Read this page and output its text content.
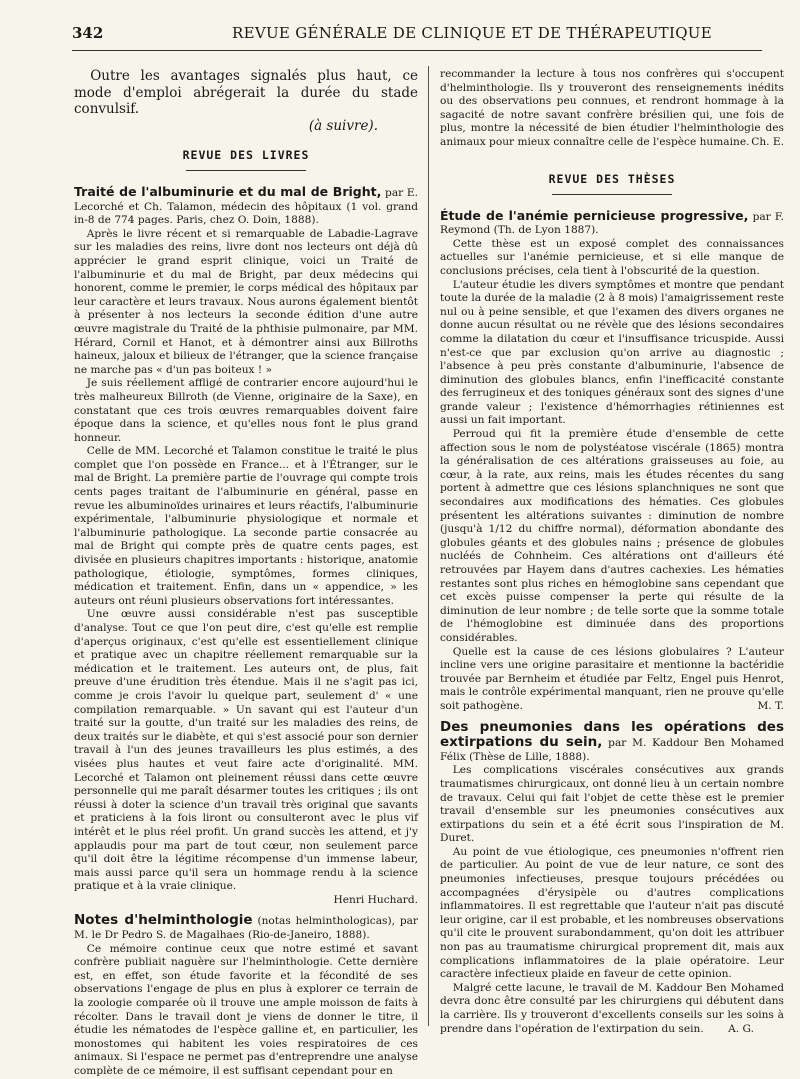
342	REVUE GÉNÉRALE DE CLINIQUE ET DE THÉRAPEUTIQUE

Outre les avantages signalés plus haut, ce mode d'emploi abrégerait la durée du stade convulsif.

(à suivre).

REVUE DES LIVRES

Traité de l'albuminurie et du mal de Bright, par E. Lecorché et Ch. Talamon, médecin des hôpitaux (1 vol. grand in-8 de 774 pages. Paris, chez O. Doin, 1888).

Après le livre récent et si remarquable de Labadie-Lagrave sur les maladies des reins, livre dont nos lecteurs ont déjà dû apprécier le grand esprit clinique, voici un Traité de l'albuminurie et du mal de Bright, par deux médecins qui honorent, comme le premier, le corps médical des hôpitaux par leur caractère et leurs travaux. Nous aurons également bientôt à présenter à nos lecteurs la seconde édition d'une autre œuvre magistrale du Traité de la phthisie pulmonaire, par MM. Hérard, Cornil et Hanot, et à démontrer ainsi aux Billroths haineux, jaloux et bilieux de l'étranger, que la science française ne marche pas « d'un pas boiteux ! »

Je suis réellement affligé de contrarier encore aujourd'hui le très malheureux Billroth (de Vienne, originaire de la Saxe), en constatant que ces trois œuvres remarquables doivent faire époque dans la science, et qu'elles nous font le plus grand honneur.

Celle de MM. Lecorché et Talamon constitue le traité le plus complet que l'on possède en France... et à l'Étranger, sur le mal de Bright. La première partie de l'ouvrage qui compte trois cents pages traitant de l'albuminurie en général, passe en revue les albuminoïdes urinaires et leurs réactifs, l'albuminurie expérimentale, l'albuminurie physiologique et normale et l'albuminurie pathologique. La seconde partie consacrée au mal de Bright qui compte près de quatre cents pages, est divisée en plusieurs chapitres importants : historique, anatomie pathologique, étiologie, symptômes, formes cliniques, médication et traitement. Enfin, dans un « appendice, » les auteurs ont réuni plusieurs observations fort intéressantes.

Une œuvre aussi considérable n'est pas susceptible d'analyse. Tout ce que l'on peut dire, c'est qu'elle est remplie d'aperçus originaux, c'est qu'elle est essentiellement clinique et pratique avec un chapitre réellement remarquable sur la médication et le traitement. Les auteurs ont, de plus, fait preuve d'une érudition très étendue. Mais il ne s'agit pas ici, comme je crois l'avoir lu quelque part, seulement d' « une compilation remarquable. » Un savant qui est l'auteur d'un traité sur la goutte, d'un traité sur les maladies des reins, de deux traités sur le diabète, et qui s'est associé pour son dernier travail à l'un des jeunes travailleurs les plus estimés, a des visées plus hautes et veut faire acte d'originalité. MM. Lecorché et Talamon ont pleinement réussi dans cette œuvre personnelle qui me paraît désarmer toutes les critiques ; ils ont réussi à doter la science d'un travail très original que savants et praticiens à la fois liront ou consulteront avec le plus vif intérêt et le plus réel profit. Un grand succès les attend, et j'y applaudis pour ma part de tout cœur, non seulement parce qu'il doit être la légitime récompense d'un immense labeur, mais aussi parce qu'il sera un hommage rendu à la science pratique et à la vraie clinique.

Henri Huchard.

Notes d'helminthologie (notas helminthologicas), par M. le Dr Pedro S. de Magalhaes (Rio-de-Janeiro, 1888).

Ce mémoire continue ceux que notre estimé et savant confrère publiait naguère sur l'helminthologie. Cette dernière est, en effet, son étude favorite et la fécondité de ses observations l'engage de plus en plus à explorer ce terrain de la zoologie comparée où il trouve une ample moisson de faits à récolter. Dans le travail dont je viens de donner le titre, il étudie les nématodes de l'espèce galline et, en particulier, les monostomes qui habitent les voies respiratoires de ces animaux. Si l'espace ne permet pas d'entreprendre une analyse complète de ce mémoire, il est suffisant cependant pour en

recommander la lecture à tous nos confrères qui s'occupent d'helminthologie. Ils y trouveront des renseignements inédits ou des observations peu connues, et rendront hommage à la sagacité de notre savant confrère brésilien qui, une fois de plus, montre la nécessité de bien étudier l'helminthologie des animaux pour mieux connaître celle de l'espèce humaine. Ch. E.

REVUE DES THÈSES

Étude de l'anémie pernicieuse progressive, par F. Reymond (Th. de Lyon 1887).

Cette thèse est un exposé complet des connaissances actuelles sur l'anémie pernicieuse, et si elle manque de conclusions précises, cela tient à l'obscurité de la question.

L'auteur étudie les divers symptômes et montre que pendant toute la durée de la maladie (2 à 8 mois) l'amaigrissement reste nul ou à peine sensible, et que l'examen des divers organes ne donne aucun résultat ou ne révèle que des lésions secondaires comme la dilatation du cœur et l'insuffisance tricuspide. Aussi n'est-ce que par exclusion qu'on arrive au diagnostic ; l'absence à peu près constante d'albuminurie, l'absence de diminution des globules blancs, enfin l'inefficacité constante des ferrugineux et des toniques généraux sont des signes d'une grande valeur ; l'existence d'hémorrhagies rétiniennes est aussi un fait important.

Perroud qui fit la première étude d'ensemble de cette affection sous le nom de polystéatose viscérale (1865) montra la généralisation de ces altérations graisseuses au foie, au cœur, à la rate, aux reins, mais les études récentes du sang portent à admettre que ces lésions splanchniques ne sont que secondaires aux modifications des hématies. Ces globules présentent les altérations suivantes : diminution de nombre (jusqu'à 1/12 du chiffre normal), déformation abondante des globules géants et des globules nains ; présence de globules nucléés de Cohnheim. Ces altérations ont d'ailleurs été retrouvées par Hayem dans d'autres cachexies. Les hématies restantes sont plus riches en hémoglobine sans cependant que cet excès puisse compenser la perte qui résulte de la diminution de leur nombre ; de telle sorte que la somme totale de l'hémoglobine est diminuée dans des proportions considérables.

Quelle est la cause de ces lésions globulaires ? L'auteur incline vers une origine parasitaire et mentionne la bactéridie trouvée par Bernheim et étudiée par Feltz, Engel puis Henrot, mais le contrôle expérimental manquant, rien ne prouve qu'elle soit pathogène.	M. T.

Des pneumonies dans les opérations des extirpations du sein, par M. Kaddour Ben Mohamed Félix (Thèse de Lille, 1888).

Les complications viscérales consécutives aux grands traumatismes chirurgicaux, ont donné lieu à un certain nombre de travaux. Celui qui fait l'objet de cette thèse est le premier travail d'ensemble sur les pneumonies consécutives aux extirpations du sein et a été écrit sous l'inspiration de M. Duret.

Au point de vue étiologique, ces pneumonies n'offrent rien de particulier. Au point de vue de leur nature, ce sont des pneumonies infectieuses, presque toujours précédées ou accompagnées d'érysipèle ou d'autres complications inflammatoires. Il est regrettable que l'auteur n'ait pas discuté leur origine, car il est probable, et les nombreuses observations qu'il cite le prouvent surabondamment, qu'on doit les attribuer non pas au traumatisme chirurgical proprement dit, mais aux complications inflammatoires de la plaie opératoire. Leur caractère infectieux plaide en faveur de cette opinion.

Malgré cette lacune, le travail de M. Kaddour Ben Mohamed devra donc être consulté par les chirurgiens qui débutent dans la carrière. Ils y trouveront d'excellents conseils sur les soins à prendre dans l'opération de l'extirpation du sein.	A. G.
